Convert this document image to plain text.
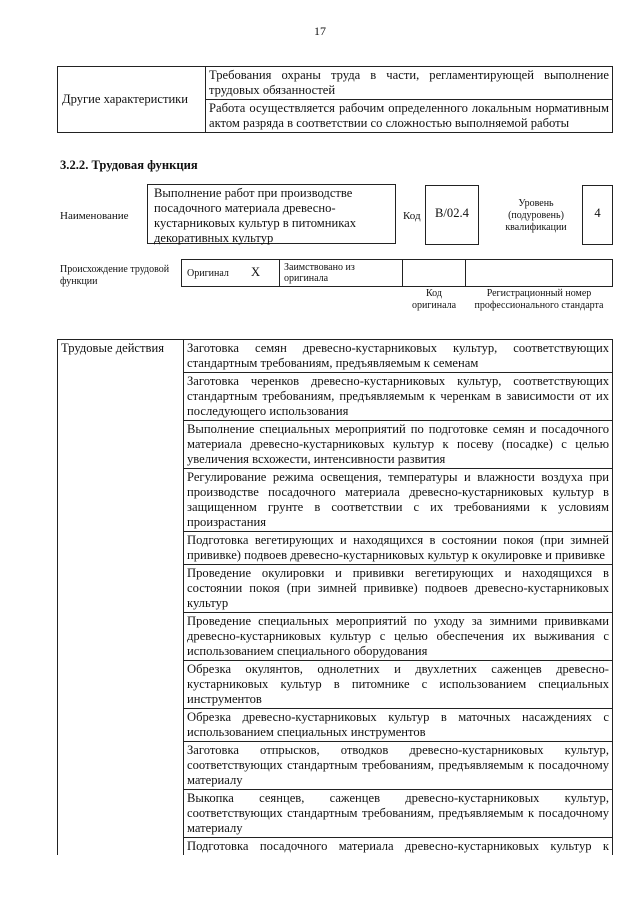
17
Другие характеристики	Требования охраны труда в части, регламентирующей выполнение трудовых обязанностей
Работа осуществляется рабочим определенного локальным нормативным актом разряда в соответствии со сложностью выполняемой работы
3.2.2. Трудовая функция
Наименование
Выполнение работ при производстве посадочного материала древесно-кустарниковых культур в питомниках декоративных культур
Код	B/02.4
Уровень (подуровень) квалификации
4
Происхождение трудовой функции
Оригинал X Заимствовано из оригинала
Код оригинала
Регистрационный номер профессионального стандарта
Трудовые действия	Заготовка семян древесно-кустарниковых культур, соответствующих стандартным требованиям, предъявляемым к семенам
Заготовка черенков древесно-кустарниковых культур, соответствующих стандартным требованиям, предъявляемым к черенкам в зависимости от их последующего использования
Выполнение специальных мероприятий по подготовке семян и посадочного материала древесно-кустарниковых культур к посеву (посадке) с целью увеличения всхожести, интенсивности развития
Регулирование режима освещения, температуры и влажности воздуха при производстве посадочного материала древесно-кустарниковых культур в защищенном грунте в соответствии с их требованиями к условиям произрастания
Подготовка вегетирующих и находящихся в состоянии покоя (при зимней прививке) подвоев древесно-кустарниковых культур к окулировке и прививке
Проведение окулировки и прививки вегетирующих и находящихся в состоянии покоя (при зимней прививке) подвоев древесно-кустарниковых культур
Проведение специальных мероприятий по уходу за зимними прививками древесно-кустарниковых культур с целью обеспечения их выживания с использованием специального оборудования
Обрезка окулянтов, однолетних и двухлетних саженцев древесно-кустарниковых культур в питомнике с использованием специальных инструментов
Обрезка древесно-кустарниковых культур в маточных насаждениях с использованием специальных инструментов
Заготовка отпрысков, отводков древесно-кустарниковых культур, соответствующих стандартным требованиям, предъявляемым к посадочному материалу
Выкопка сеянцев, саженцев древесно-кустарниковых культур, соответствующих стандартным требованиям, предъявляемым к посадочному материалу
Подготовка посадочного материала древесно-кустарниковых культур к
